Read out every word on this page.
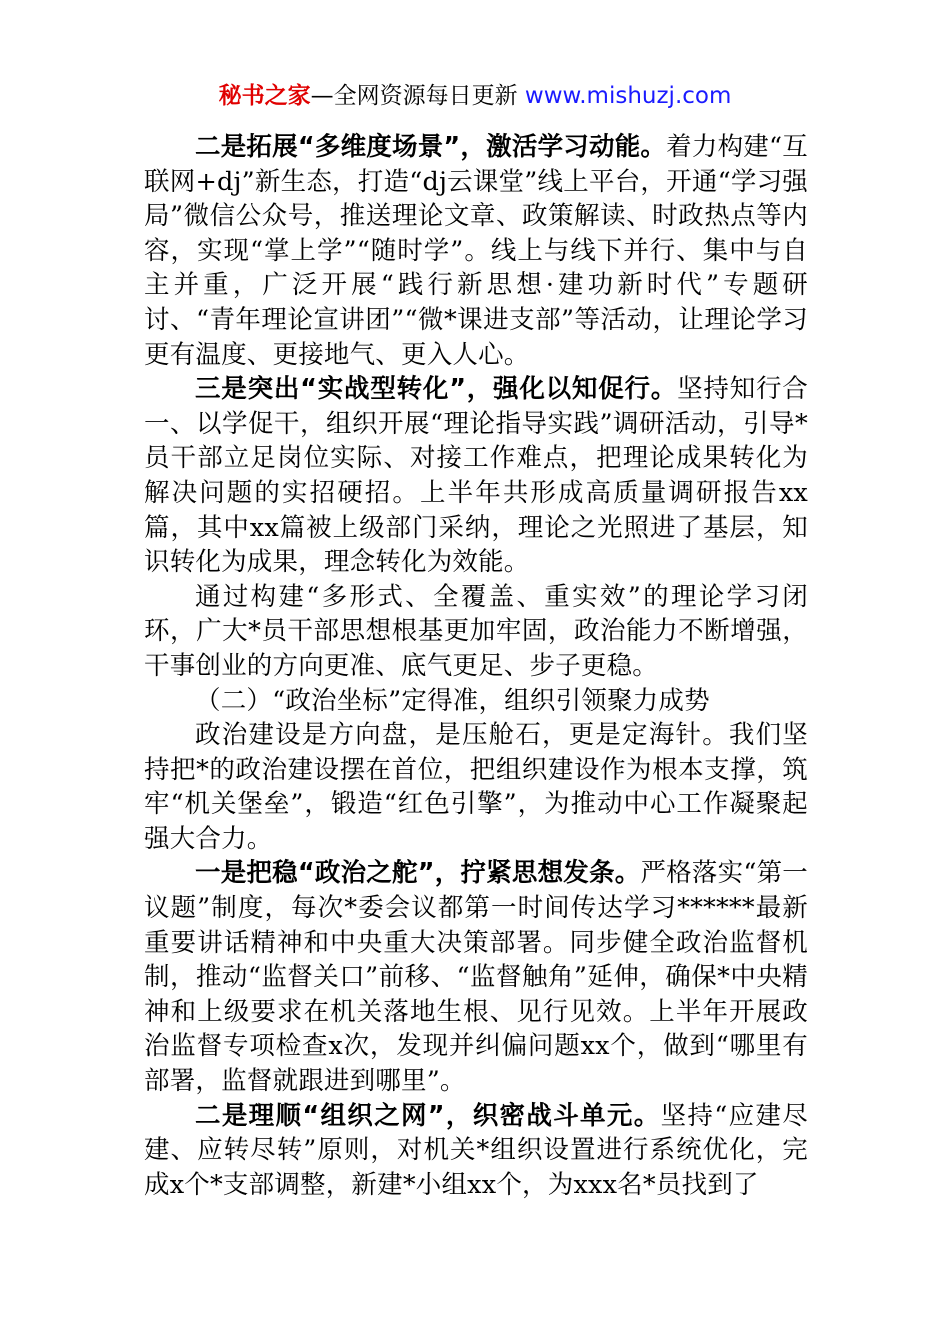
秘书之家—全网资源每日更新 www.mishuzj.com

二是拓展“多维度场景”，激活学习动能。着力构建“互联网+dj”新生态，打造“dj云课堂”线上平台，开通“学习强局”微信公众号，推送理论文章、政策解读、时政热点等内容，实现“掌上学”“随时学”。线上与线下并行、集中与自主并重，广泛开展“践行新思想·建功新时代”专题研讨、“青年理论宣讲团”“微*课进支部”等活动，让理论学习更有温度、更接地气、更入人心。

三是突出“实战型转化”，强化以知促行。坚持知行合一、以学促干，组织开展“理论指导实践”调研活动，引导*员干部立足岗位实际、对接工作难点，把理论成果转化为解决问题的实招硬招。上半年共形成高质量调研报告xx篇，其中xx篇被上级部门采纳，理论之光照进了基层，知识转化为成果，理念转化为效能。

通过构建“多形式、全覆盖、重实效”的理论学习闭环，广大*员干部思想根基更加牢固，政治能力不断增强，干事创业的方向更准、底气更足、步子更稳。

（二）“政治坐标”定得准，组织引领聚力成势

政治建设是方向盘，是压舱石，更是定海针。我们坚持把*的政治建设摆在首位，把组织建设作为根本支撑，筑牢“机关堡垒”，锻造“红色引擎”，为推动中心工作凝聚起强大合力。

一是把稳“政治之舵”，拧紧思想发条。严格落实“第一议题”制度，每次*委会议都第一时间传达学习******最新重要讲话精神和中央重大决策部署。同步健全政治监督机制，推动“监督关口”前移、“监督触角”延伸，确保*中央精神和上级要求在机关落地生根、见行见效。上半年开展政治监督专项检查x次，发现并纠偏问题xx个，做到“哪里有部署，监督就跟进到哪里”。

二是理顺“组织之网”，织密战斗单元。坚持“应建尽建、应转尽转”原则，对机关*组织设置进行系统优化，完成x个*支部调整，新建*小组xx个，为xxx名*员找到了
